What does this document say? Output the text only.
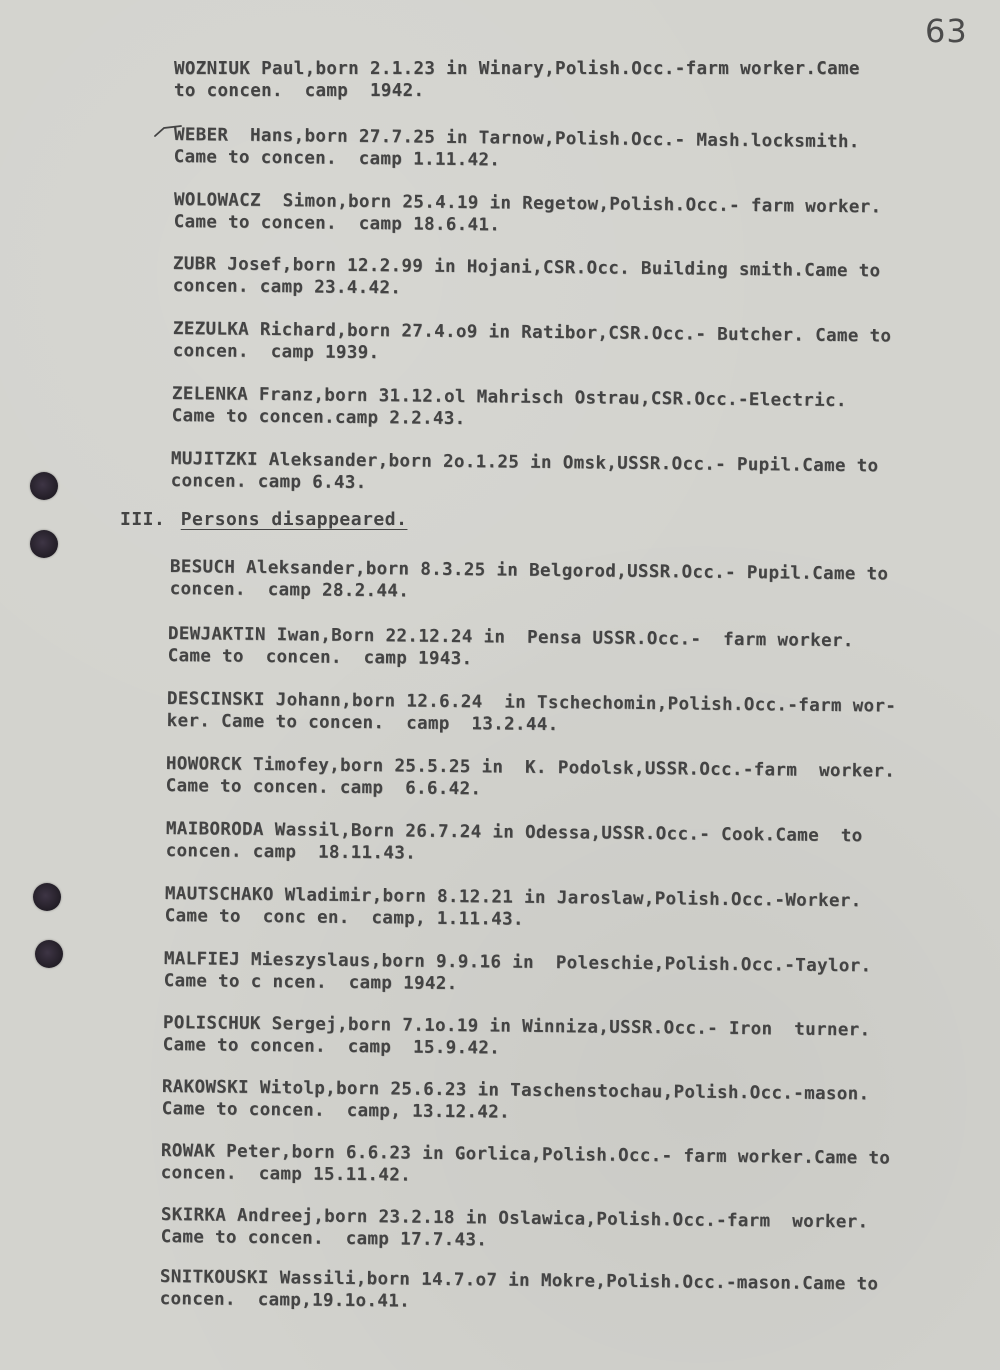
63
WOZNIUK Paul,born 2.1.23 in Winary,Polish.Occ.-farm worker.Came
to concen.  camp  1942.
WEBER  Hans,born 27.7.25 in Tarnow,Polish.Occ.- Mash.locksmith.
Came to concen.  camp 1.11.42.
WOLOWACZ  Simon,born 25.4.19 in Regetow,Polish.Occ.- farm worker.
Came to concen.  camp 18.6.41.
ZUBR Josef,born 12.2.99 in Hojani,CSR.Occ. Building smith.Came to
concen. camp 23.4.42.
ZEZULKA Richard,born 27.4.o9 in Ratibor,CSR.Occ.- Butcher. Came to
concen.  camp 1939.
ZELENKA Franz,born 31.12.ol Mahrisch Ostrau,CSR.Occ.-Electric.
Came to concen.camp 2.2.43.
MUJITZKI Aleksander,born 2o.1.25 in Omsk,USSR.Occ.- Pupil.Came to
concen. camp 6.43.
III. Persons disappeared.
BESUCH Aleksander,born 8.3.25 in Belgorod,USSR.Occ.- Pupil.Came to
concen.  camp 28.2.44.
DEWJAKTIN Iwan,Born 22.12.24 in  Pensa USSR.Occ.-  farm worker.
Came to  concen.  camp 1943.
DESCINSKI Johann,born 12.6.24  in Tschechomin,Polish.Occ.-farm wor-
ker. Came to concen.  camp  13.2.44.
HOWORCK Timofey,born 25.5.25 in  K. Podolsk,USSR.Occ.-farm  worker.
Came to concen. camp  6.6.42.
MAIBORODA Wassil,Born 26.7.24 in Odessa,USSR.Occ.- Cook.Came  to
concen. camp  18.11.43.
MAUTSCHAKO Wladimir,born 8.12.21 in Jaroslaw,Polish.Occ.-Worker.
Came to  conc en.  camp, 1.11.43.
MALFIEJ Mieszyslaus,born 9.9.16 in  Poleschie,Polish.Occ.-Taylor.
Came to c ncen.  camp 1942.
POLISCHUK Sergej,born 7.1o.19 in Winniza,USSR.Occ.- Iron  turner.
Came to concen.  camp  15.9.42.
RAKOWSKI Witolp,born 25.6.23 in Taschenstochau,Polish.Occ.-mason.
Came to concen.  camp, 13.12.42.
ROWAK Peter,born 6.6.23 in Gorlica,Polish.Occ.- farm worker.Came to
concen.  camp 15.11.42.
SKIRKA Andreej,born 23.2.18 in Oslawica,Polish.Occ.-farm  worker.
Came to concen.  camp 17.7.43.
SNITKOUSKI Wassili,born 14.7.o7 in Mokre,Polish.Occ.-mason.Came to
concen.  camp,19.1o.41.
